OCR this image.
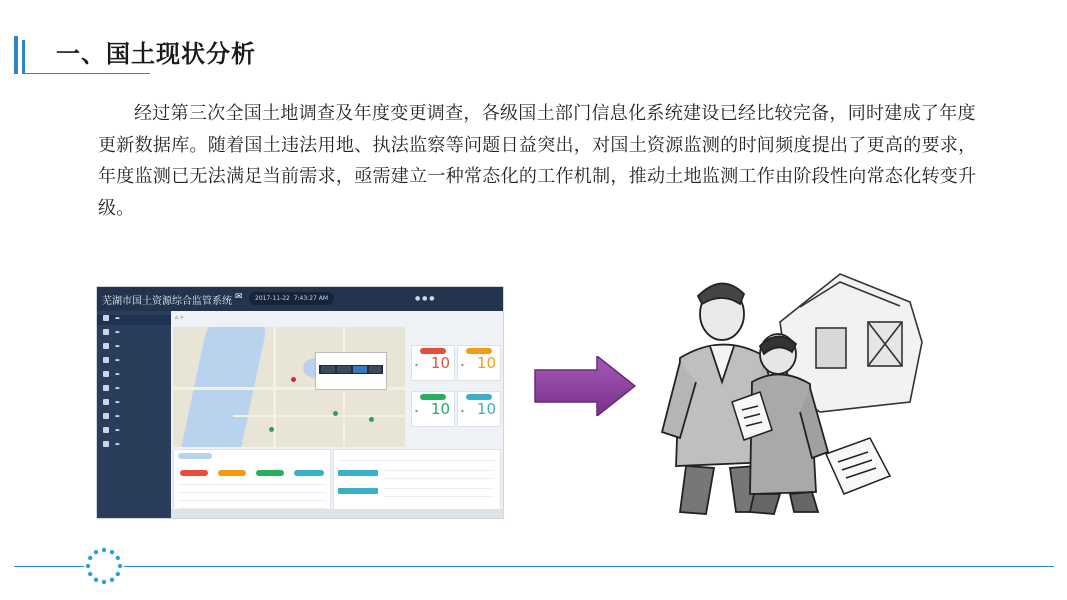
一、国土现状分析

经过第三次全国土地调查及年度变更调查，各级国土部门信息化系统建设已经比较完备，同时建成了年度更新数据库。随着国土违法用地、执法监察等问题日益突出，对国土资源监测的时间频度提出了更高的要求，年度监测已无法满足当前需求，亟需建立一种常态化的工作机制，推动土地监测工作由阶段性向常态化转变升级。

芜湖市国土资源综合监管系统 ✉	2017-11-22 7:43:27 AM	● ● ●
▬
▬
▬
▬
▬
▬
▬
▬
▬
▬
⌂ >
10
▪	10
▪
10
▪	10
▪
